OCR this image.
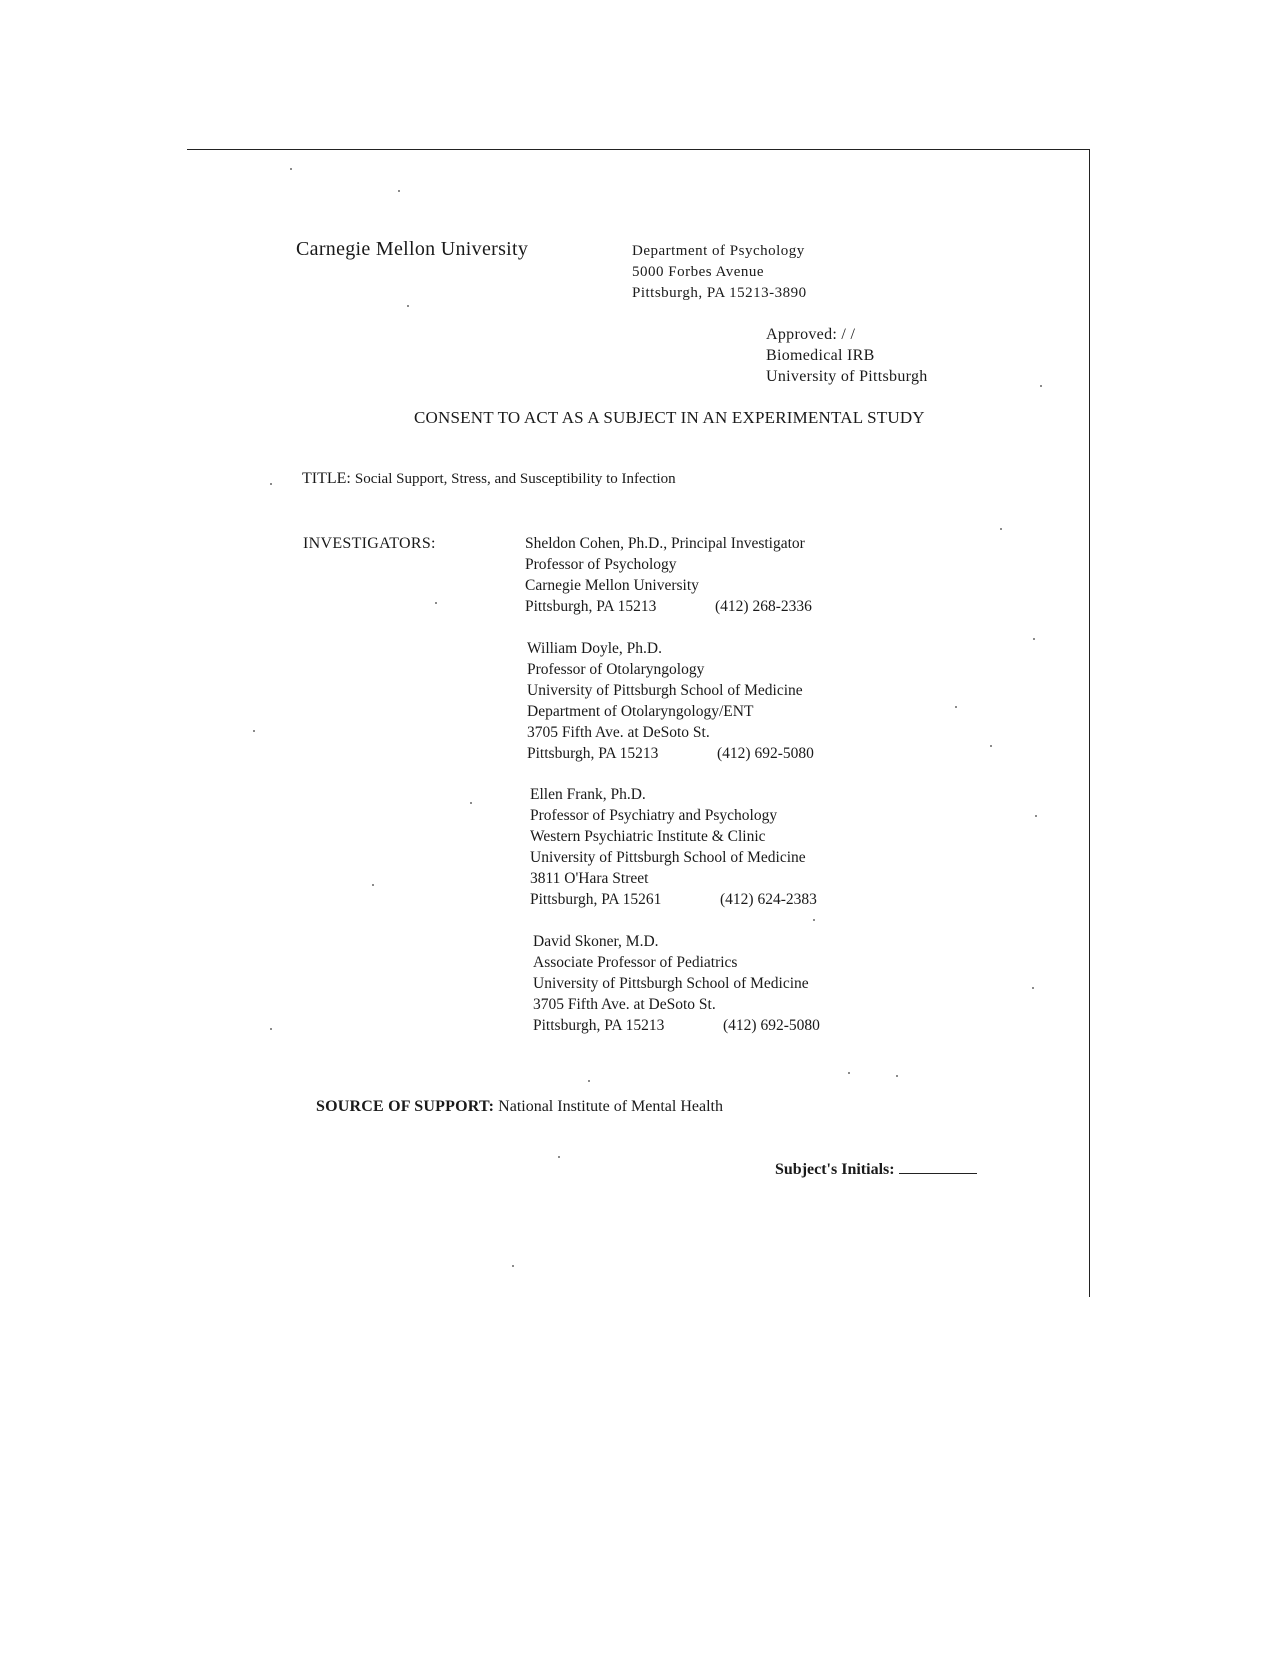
Carnegie Mellon University	Department of Psychology
5000 Forbes Avenue
Pittsburgh, PA 15213-3890
Approved: / /
Biomedical IRB
University of Pittsburgh
CONSENT TO ACT AS A SUBJECT IN AN EXPERIMENTAL STUDY
TITLE: Social Support, Stress, and Susceptibility to Infection
INVESTIGATORS:	Sheldon Cohen, Ph.D., Principal Investigator
Professor of Psychology
Carnegie Mellon University
Pittsburgh, PA 15213	(412) 268-2336
William Doyle, Ph.D.
Professor of Otolaryngology
University of Pittsburgh School of Medicine
Department of Otolaryngology/ENT
3705 Fifth Ave. at DeSoto St.
Pittsburgh, PA 15213	(412) 692-5080
Ellen Frank, Ph.D.
Professor of Psychiatry and Psychology
Western Psychiatric Institute & Clinic
University of Pittsburgh School of Medicine
3811 O'Hara Street
Pittsburgh, PA 15261	(412) 624-2383
David Skoner, M.D.
Associate Professor of Pediatrics
University of Pittsburgh School of Medicine
3705 Fifth Ave. at DeSoto St.
Pittsburgh, PA 15213	(412) 692-5080
SOURCE OF SUPPORT: National Institute of Mental Health
Subject's Initials:
